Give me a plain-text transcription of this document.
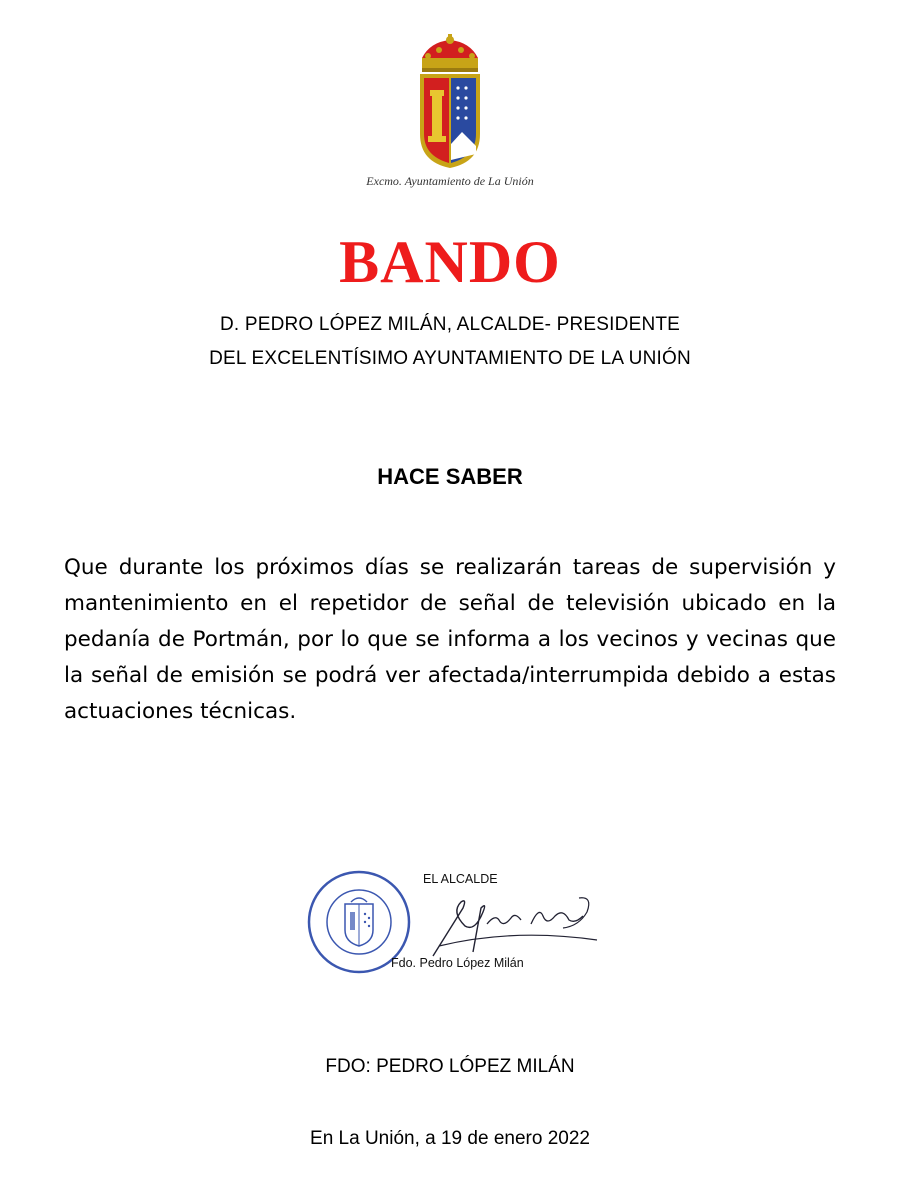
Excmo. Ayuntamiento de La Unión
BANDO
D. PEDRO LÓPEZ MILÁN, ALCALDE- PRESIDENTE
DEL EXCELENTÍSIMO AYUNTAMIENTO DE LA UNIÓN
HACE SABER
Que durante los próximos días se realizarán tareas de supervisión y mantenimiento en el repetidor de señal de televisión ubicado en la pedanía de Portmán, por lo que se informa a los vecinos y vecinas que la señal de emisión se podrá ver afectada/interrumpida debido a estas actuaciones técnicas.
EL ALCALDE
Fdo. Pedro López Milán
FDO: PEDRO LÓPEZ MILÁN
En La Unión, a 19 de enero 2022
